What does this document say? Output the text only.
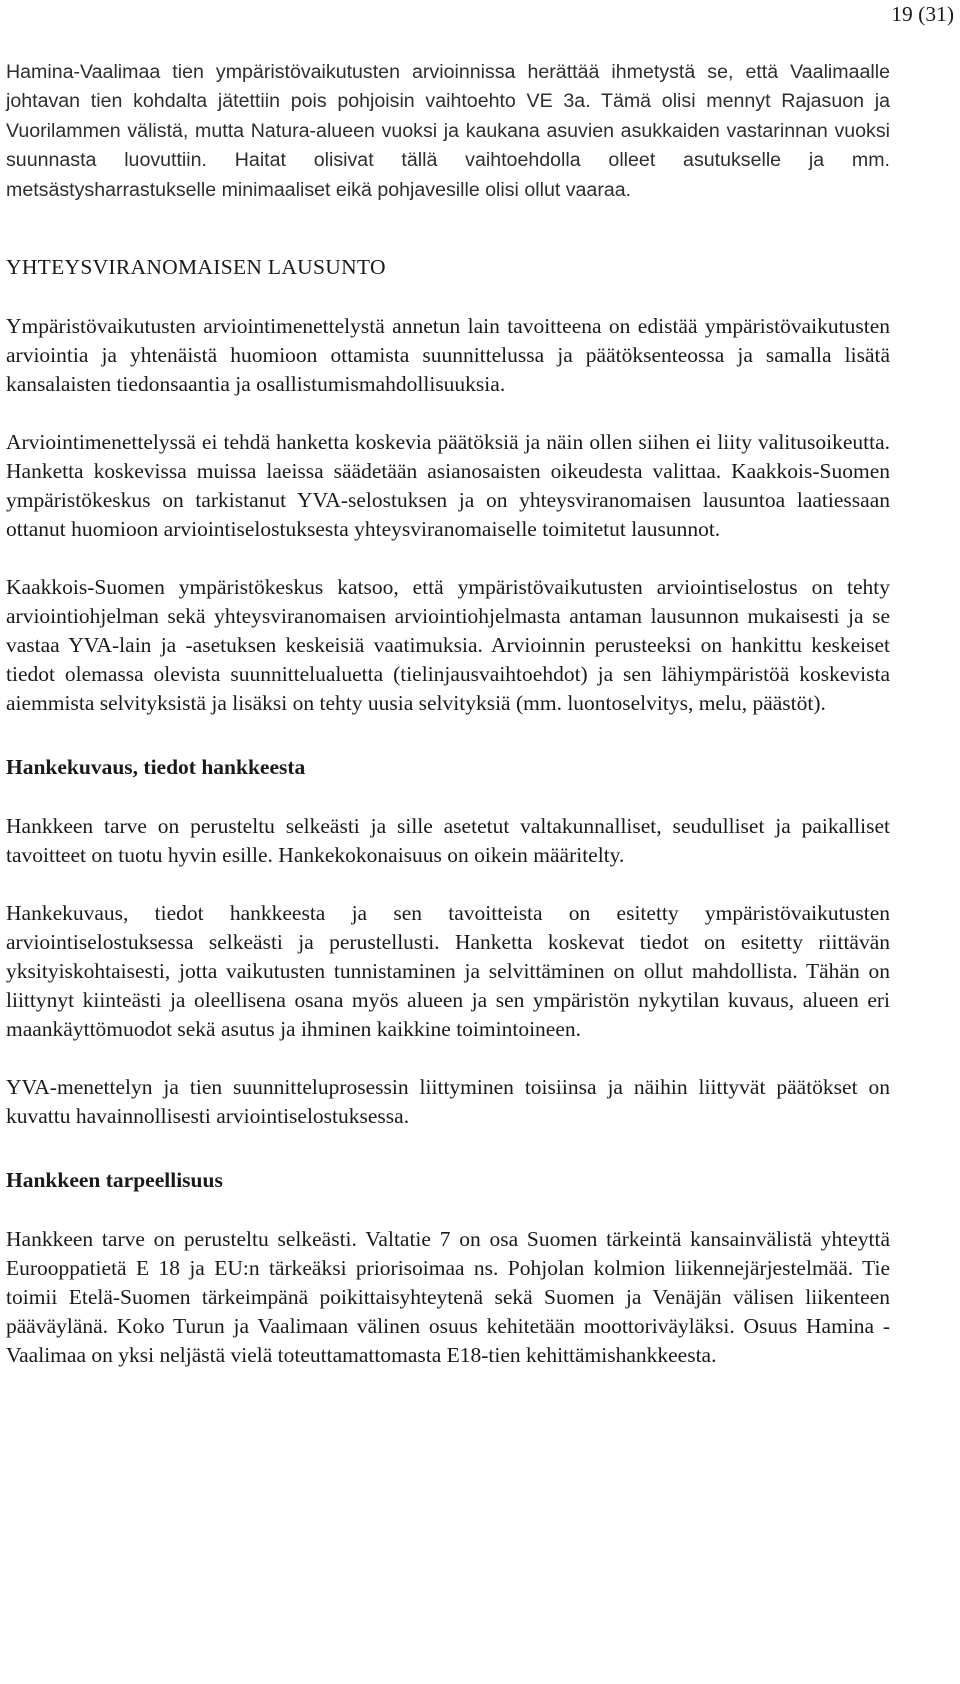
19 (31)

Hamina-Vaalimaa tien ympäristövaikutusten arvioinnissa herättää ihmetystä se, että Vaalimaalle johtavan tien kohdalta jätettiin pois pohjoisin vaihtoehto VE 3a. Tämä olisi mennyt Rajasuon ja Vuorilammen välistä, mutta Natura-alueen vuoksi ja kaukana asuvien asukkaiden vastarinnan vuoksi suunnasta luovuttiin. Haitat olisivat tällä vaihtoehdolla olleet asutukselle ja mm. metsästysharrastukselle minimaaliset eikä pohjavesille olisi ollut vaaraa.

YHTEYSVIRANOMAISEN LAUSUNTO

Ympäristövaikutusten arviointimenettelystä annetun lain tavoitteena on edistää ympäristövaikutusten arviointia ja yhtenäistä huomioon ottamista suunnittelussa ja päätöksenteossa ja samalla lisätä kansalaisten tiedonsaantia ja osallistumismahdollisuuksia.

Arviointimenettelyssä ei tehdä hanketta koskevia päätöksiä ja näin ollen siihen ei liity valitusoikeutta. Hanketta koskevissa muissa laeissa säädetään asianosaisten oikeudesta valittaa. Kaakkois-Suomen ympäristökeskus on tarkistanut YVA-selostuksen ja on yhteysviranomaisen lausuntoa laatiessaan ottanut huomioon arviointiselostuksesta yhteysviranomaiselle toimitetut lausunnot.

Kaakkois-Suomen ympäristökeskus katsoo, että ympäristövaikutusten arviointiselostus on tehty arviointiohjelman sekä yhteysviranomaisen arviointiohjelmasta antaman lausunnon mukaisesti ja se vastaa YVA-lain ja -asetuksen keskeisiä vaatimuksia. Arvioinnin perusteeksi on hankittu keskeiset tiedot olemassa olevista suunnittelualuetta (tielinjausvaihtoehdot) ja sen lähiympäristöä koskevista aiemmista selvityksistä ja lisäksi on tehty uusia selvityksiä (mm. luontoselvitys, melu, päästöt).

Hankekuvaus, tiedot hankkeesta

Hankkeen tarve on perusteltu selkeästi ja sille asetetut valtakunnalliset, seudulliset ja paikalliset tavoitteet on tuotu hyvin esille. Hankekokonaisuus on oikein määritelty.

Hankekuvaus, tiedot hankkeesta ja sen tavoitteista on esitetty ympäristövaikutusten arviointiselostuksessa selkeästi ja perustellusti. Hanketta koskevat tiedot on esitetty riittävän yksityiskohtaisesti, jotta vaikutusten tunnistaminen ja selvittäminen on ollut mahdollista. Tähän on liittynyt kiinteästi ja oleellisena osana myös alueen ja sen ympäristön nykytilan kuvaus, alueen eri maankäyttömuodot sekä asutus ja ihminen kaikkine toimintoineen.

YVA-menettelyn ja tien suunnitteluprosessin liittyminen toisiinsa ja näihin liittyvät päätökset on kuvattu havainnollisesti arviointiselostuksessa.

Hankkeen tarpeellisuus

Hankkeen tarve on perusteltu selkeästi. Valtatie 7 on osa Suomen tärkeintä kansainvälistä yhteyttä Eurooppatietä E 18 ja EU:n tärkeäksi priorisoimaa ns. Pohjolan kolmion liikennejärjestelmää. Tie toimii Etelä-Suomen tärkeimpänä poikittaisyhteytenä sekä Suomen ja Venäjän välisen liikenteen pääväylänä. Koko Turun ja Vaalimaan välinen osuus kehitetään moottoriväyläksi. Osuus Hamina - Vaalimaa on yksi neljästä vielä toteuttamattomasta E18-tien kehittämishankkeesta.
